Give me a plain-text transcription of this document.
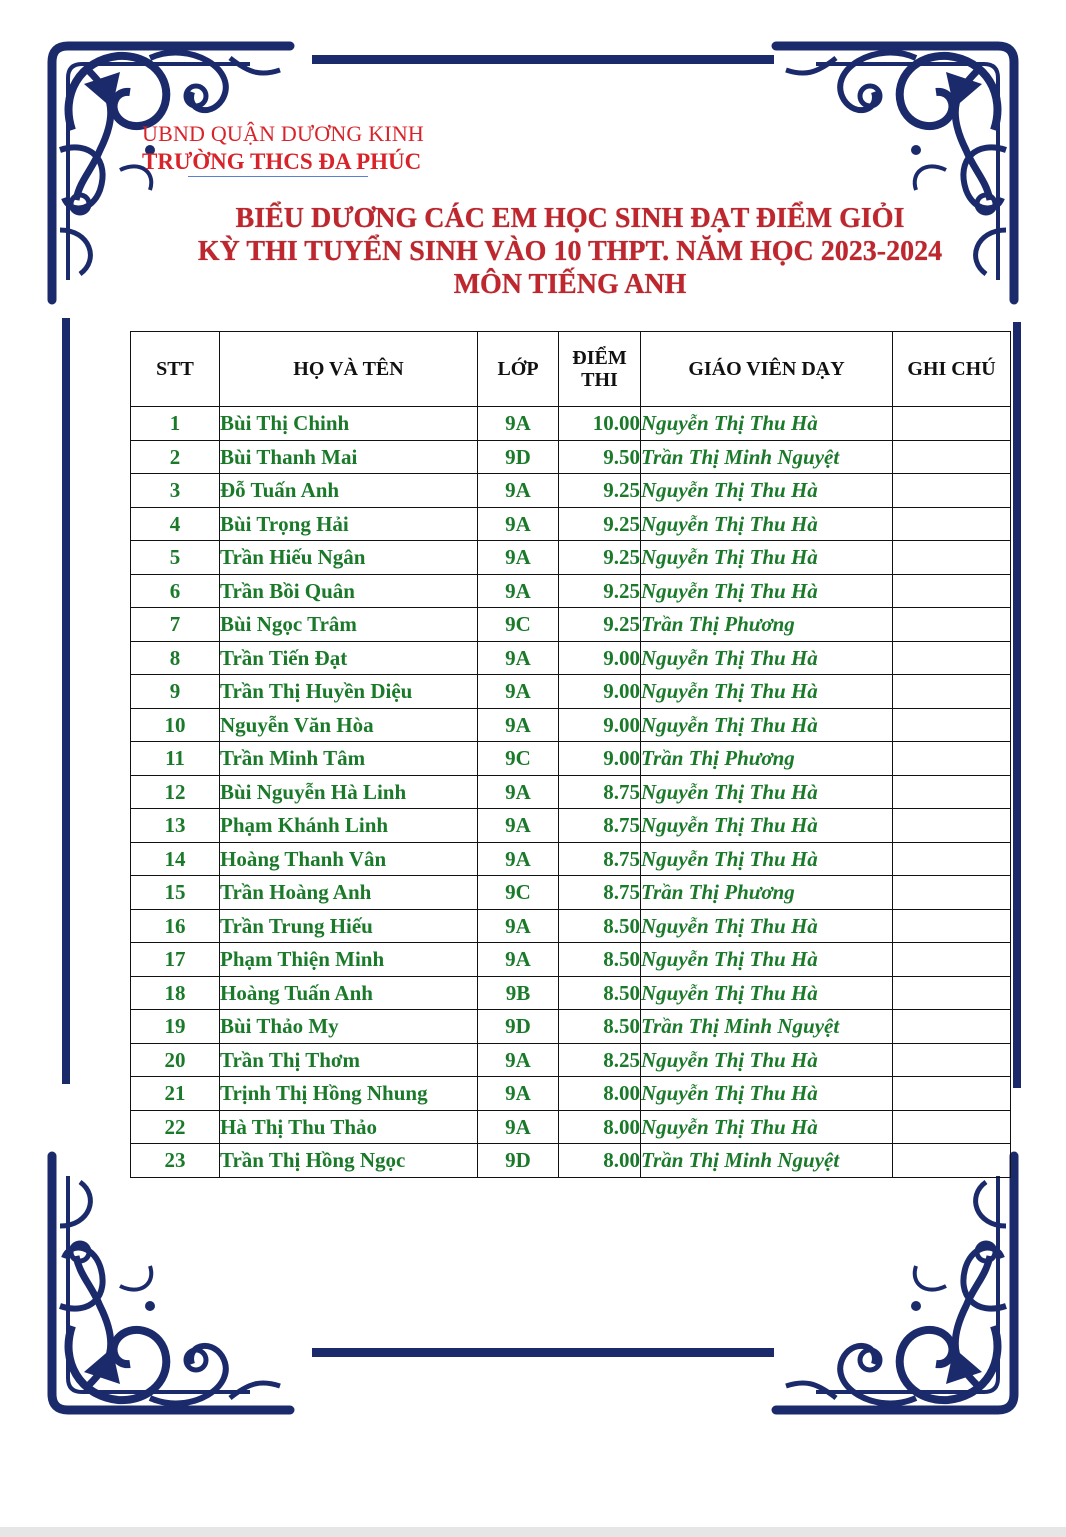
UBND QUẬN DƯƠNG KINH
TRƯỜNG THCS ĐA PHÚC
BIỂU DƯƠNG CÁC EM HỌC SINH ĐẠT ĐIỂM GIỎI
KỲ THI TUYỂN SINH VÀO 10 THPT. NĂM HỌC 2023-2024
MÔN TIẾNG ANH
STT	HỌ VÀ TÊN	LỚP	ĐIỂM THI	GIÁO VIÊN DẠY	GHI CHÚ
1	Bùi Thị Chinh	9A	10.00	Nguyễn Thị Thu Hà	
2	Bùi Thanh Mai	9D	9.50	Trần Thị Minh Nguyệt	
3	Đỗ Tuấn Anh	9A	9.25	Nguyễn Thị Thu Hà	
4	Bùi Trọng Hải	9A	9.25	Nguyễn Thị Thu Hà	
5	Trần Hiếu Ngân	9A	9.25	Nguyễn Thị Thu Hà	
6	Trần Bồi Quân	9A	9.25	Nguyễn Thị Thu Hà	
7	Bùi Ngọc Trâm	9C	9.25	Trần Thị Phương	
8	Trần Tiến Đạt	9A	9.00	Nguyễn Thị Thu Hà	
9	Trần Thị Huyền Diệu	9A	9.00	Nguyễn Thị Thu Hà	
10	Nguyễn Văn Hòa	9A	9.00	Nguyễn Thị Thu Hà	
11	Trần Minh Tâm	9C	9.00	Trần Thị Phương	
12	Bùi Nguyễn Hà Linh	9A	8.75	Nguyễn Thị Thu Hà	
13	Phạm Khánh Linh	9A	8.75	Nguyễn Thị Thu Hà	
14	Hoàng Thanh Vân	9A	8.75	Nguyễn Thị Thu Hà	
15	Trần Hoàng Anh	9C	8.75	Trần Thị Phương	
16	Trần Trung Hiếu	9A	8.50	Nguyễn Thị Thu Hà	
17	Phạm Thiện Minh	9A	8.50	Nguyễn Thị Thu Hà	
18	Hoàng Tuấn Anh	9B	8.50	Nguyễn Thị Thu Hà	
19	Bùi Thảo My	9D	8.50	Trần Thị Minh Nguyệt	
20	Trần Thị Thơm	9A	8.25	Nguyễn Thị Thu Hà	
21	Trịnh Thị Hồng Nhung	9A	8.00	Nguyễn Thị Thu Hà	
22	Hà Thị Thu Thảo	9A	8.00	Nguyễn Thị Thu Hà	
23	Trần Thị Hồng Ngọc	9D	8.00	Trần Thị Minh Nguyệt	
